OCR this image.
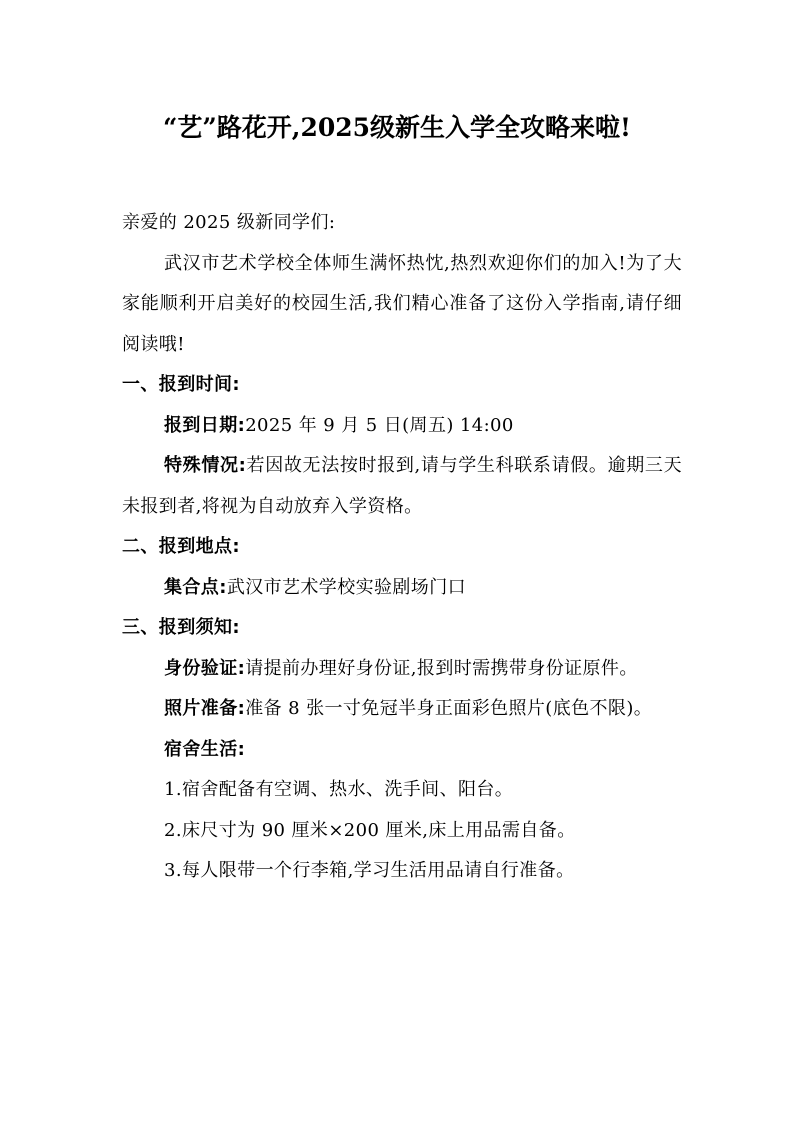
“艺”路花开,2025级新生入学全攻略来啦!

亲爱的 2025 级新同学们:

武汉市艺术学校全体师生满怀热忱,热烈欢迎你们的加入!为了大家能顺利开启美好的校园生活,我们精心准备了这份入学指南,请仔细阅读哦!

一、报到时间:

报到日期:2025 年 9 月 5 日(周五) 14:00

特殊情况:若因故无法按时报到,请与学生科联系请假。逾期三天未报到者,将视为自动放弃入学资格。

二、报到地点:

集合点:武汉市艺术学校实验剧场门口

三、报到须知:

身份验证:请提前办理好身份证,报到时需携带身份证原件。

照片准备:准备 8 张一寸免冠半身正面彩色照片(底色不限)。

宿舍生活:

1.宿舍配备有空调、热水、洗手间、阳台。

2.床尺寸为 90 厘米×200 厘米,床上用品需自备。

3.每人限带一个行李箱,学习生活用品请自行准备。
